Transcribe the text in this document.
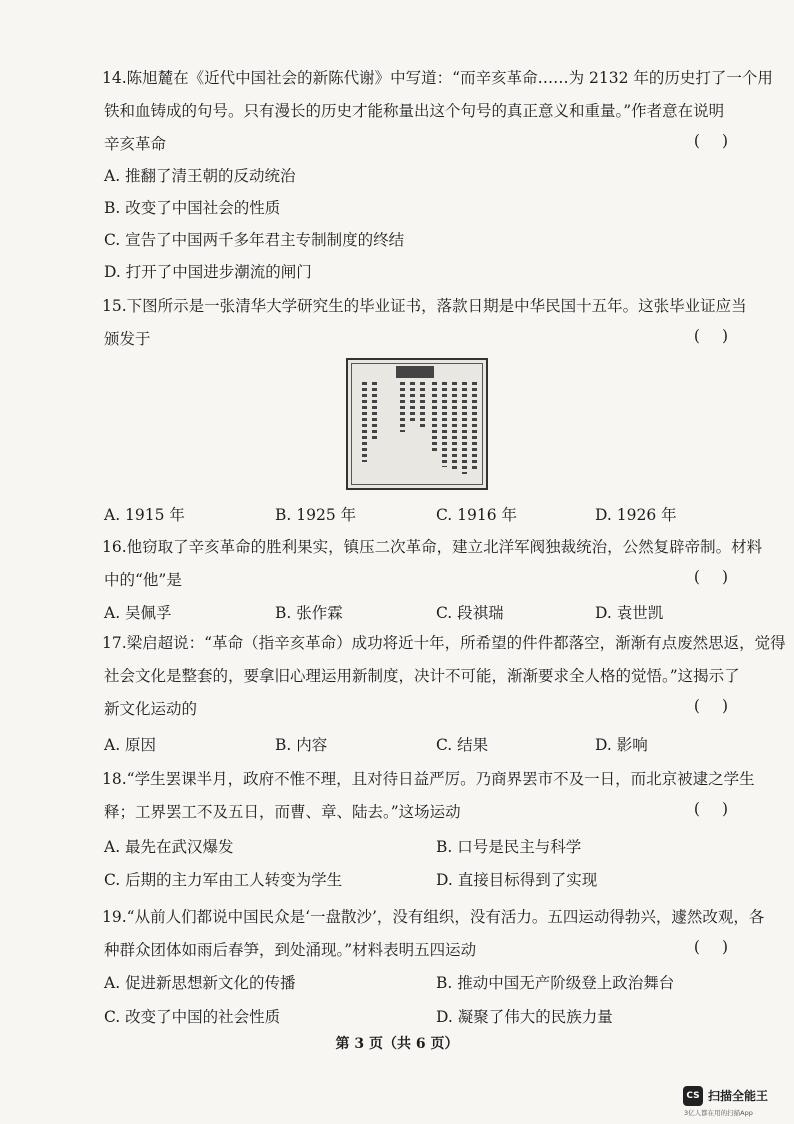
14.陈旭麓在《近代中国社会的新陈代谢》中写道：“而辛亥革命……为 2132 年的历史打了一个用
铁和血铸成的句号。只有漫长的历史才能称量出这个句号的真正意义和重量。”作者意在说明
辛亥革命	()
A. 推翻了清王朝的反动统治
B. 改变了中国社会的性质
C. 宣告了中国两千多年君主专制制度的终结
D. 打开了中国进步潮流的闸门
15.下图所示是一张清华大学研究生的毕业证书，落款日期是中华民国十五年。这张毕业证应当
颁发于	()
A. 1915 年	B. 1925 年	C. 1916 年	D. 1926 年
16.他窃取了辛亥革命的胜利果实，镇压二次革命，建立北洋军阀独裁统治，公然复辟帝制。材料
中的“他”是	()
A. 吴佩孚	B. 张作霖	C. 段祺瑞	D. 袁世凯
17.梁启超说：“革命（指辛亥革命）成功将近十年，所希望的件件都落空，渐渐有点废然思返，觉得
社会文化是整套的，要拿旧心理运用新制度，决计不可能，渐渐要求全人格的觉悟。”这揭示了
新文化运动的	()
A. 原因	B. 内容	C. 结果	D. 影响
18.“学生罢课半月，政府不惟不理，且对待日益严厉。乃商界罢市不及一日，而北京被逮之学生
释；工界罢工不及五日，而曹、章、陆去。”这场运动	()
A. 最先在武汉爆发	B. 口号是民主与科学
C. 后期的主力军由工人转变为学生	D. 直接目标得到了实现
19.“从前人们都说中国民众是‘一盘散沙’，没有组织，没有活力。五四运动得勃兴，遽然改观，各
种群众团体如雨后春笋，到处涌现。”材料表明五四运动	()
A. 促进新思想新文化的传播	B. 推动中国无产阶级登上政治舞台
C. 改变了中国的社会性质	D. 凝聚了伟大的民族力量
第 3 页（共 6 页）
CS 扫描全能王
3亿人都在用的扫描App
